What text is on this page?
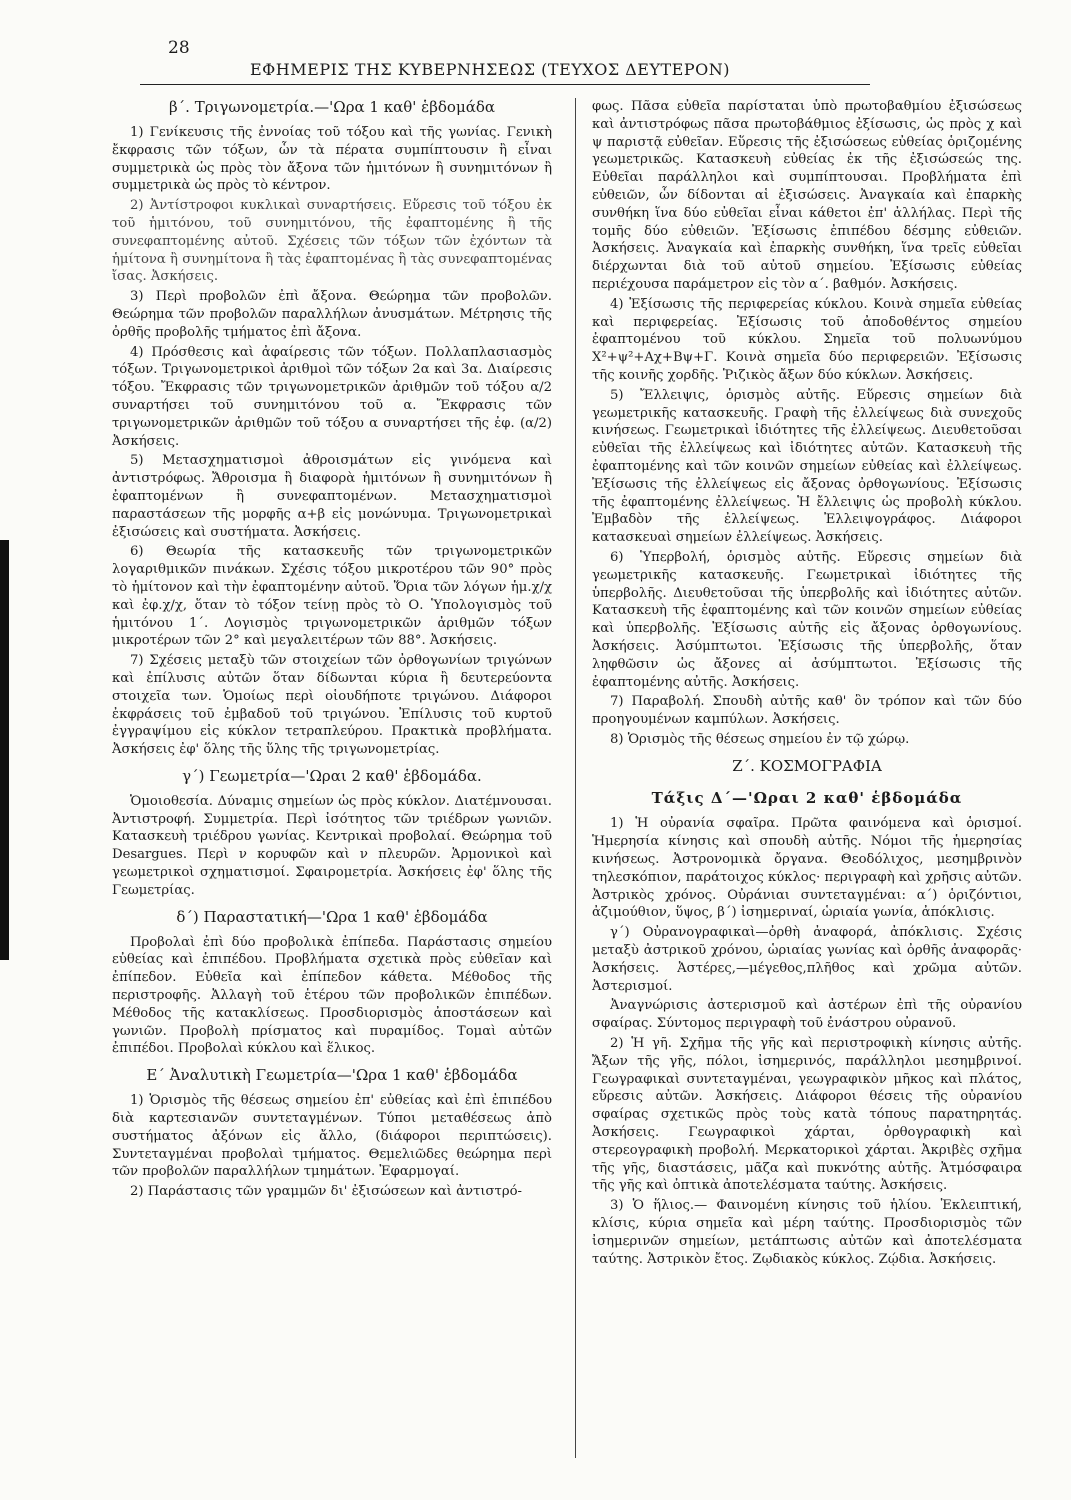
28
ΕΦΗΜΕΡΙΣ ΤΗΣ ΚΥΒΕΡΝΗΣΕΩΣ (ΤΕΥΧΟΣ ΔΕΥΤΕΡΟΝ)
β΄. Τριγωνομετρία.—'Ωρα 1 καθ' ἑβδομάδα

1) Γενίκευσις τῆς ἐννοίας τοῦ τόξου καὶ τῆς γωνίας. Γενικὴ ἔκφρασις τῶν τόξων, ὧν τὰ πέρατα συμπίπτουσιν ἢ εἶναι συμμετρικὰ ὡς πρὸς τὸν ἄξονα τῶν ἡμιτόνων ἢ συνημιτόνων ἢ συμμετρικὰ ὡς πρὸς τὸ κέντρον.

2) Ἀντίστροφοι κυκλικαὶ συναρτήσεις. Εὕρεσις τοῦ τόξου ἐκ τοῦ ἡμιτόνου, τοῦ συνημιτόνου, τῆς ἐφαπτομένης ἢ τῆς συνεφαπτομένης αὐτοῦ. Σχέσεις τῶν τόξων τῶν ἐχόντων τὰ ἡμίτονα ἢ συνημίτονα ἢ τὰς ἐφαπτομένας ἢ τὰς συνεφαπτομένας ἴσας. Ἀσκήσεις.

3) Περὶ προβολῶν ἐπὶ ἄξονα. Θεώρημα τῶν προβολῶν. Θεώρημα τῶν προβολῶν παραλλήλων ἀνυσμάτων. Μέτρησις τῆς ὀρθῆς προβολῆς τμήματος ἐπὶ ἄξονα.

4) Πρόσθεσις καὶ ἀφαίρεσις τῶν τόξων. Πολλαπλασιασμὸς τόξων. Τριγωνομετρικοὶ ἀριθμοὶ τῶν τόξων 2α καὶ 3α. Διαίρεσις τόξου. Ἔκφρασις τῶν τριγωνομετρικῶν ἀριθμῶν τοῦ τόξου α/2 συναρτήσει τοῦ συνημιτόνου τοῦ α. Ἔκφρασις τῶν τριγωνομετρικῶν ἀριθμῶν τοῦ τόξου α συναρτήσει τῆς ἐφ. (α/2) Ἀσκήσεις.

5) Μετασχηματισμοὶ ἀθροισμάτων εἰς γινόμενα καὶ ἀντιστρόφως. Ἄθροισμα ἢ διαφορὰ ἡμιτόνων ἢ συνημιτόνων ἢ ἐφαπτομένων ἢ συνεφαπτομένων. Μετασχηματισμοὶ παραστάσεων τῆς μορφῆς α+β εἰς μονώνυμα. Τριγωνομετρικαὶ ἐξισώσεις καὶ συστήματα. Ἀσκήσεις.

6) Θεωρία τῆς κατασκευῆς τῶν τριγωνομετρικῶν λογαριθμικῶν πινάκων. Σχέσις τόξου μικροτέρου τῶν 90° πρὸς τὸ ἡμίτονον καὶ τὴν ἐφαπτομένην αὐτοῦ. Ὅρια τῶν λόγων ἡμ.χ/χ καὶ ἐφ.χ/χ, ὅταν τὸ τόξον τείνῃ πρὸς τὸ Ο. Ὑπολογισμὸς τοῦ ἡμιτόνου 1΄. Λογισμὸς τριγωνομετρικῶν ἀριθμῶν τόξων μικροτέρων τῶν 2° καὶ μεγαλειτέρων τῶν 88°. Ἀσκήσεις.

7) Σχέσεις μεταξὺ τῶν στοιχείων τῶν ὀρθογωνίων τριγώνων καὶ ἐπίλυσις αὐτῶν ὅταν δίδωνται κύρια ἢ δευτερεύοντα στοιχεῖα των. Ὁμοίως περὶ οἱουδήποτε τριγώνου. Διάφοροι ἐκφράσεις τοῦ ἐμβαδοῦ τοῦ τριγώνου. Ἐπίλυσις τοῦ κυρτοῦ ἐγγραψίμου εἰς κύκλον τετραπλεύρου. Πρακτικὰ προβλήματα. Ἀσκήσεις ἐφ' ὅλης τῆς ὕλης τῆς τριγωνομετρίας.

γ΄) Γεωμετρία—'Ωραι 2 καθ' ἑβδομάδα.

Ὁμοιοθεσία. Δύναμις σημείων ὡς πρὸς κύκλον. Διατέμνουσαι. Ἀντιστροφή. Συμμετρία. Περὶ ἰσότητος τῶν τριέδρων γωνιῶν. Κατασκευὴ τριέδρου γωνίας. Κεντρικαὶ προβολαί. Θεώρημα τοῦ Desargues. Περὶ ν κορυφῶν καὶ ν πλευρῶν. Ἁρμονικοὶ καὶ γεωμετρικοὶ σχηματισμοί. Σφαιρομετρία. Ἀσκήσεις ἐφ' ὅλης τῆς Γεωμετρίας.

δ΄) Παραστατική—'Ωρα 1 καθ' ἑβδομάδα

Προβολαὶ ἐπὶ δύο προβολικὰ ἐπίπεδα. Παράστασις σημείου εὐθείας καὶ ἐπιπέδου. Προβλήματα σχετικὰ πρὸς εὐθεῖαν καὶ ἐπίπεδον. Εὐθεῖα καὶ ἐπίπεδον κάθετα. Μέθοδος τῆς περιστροφῆς. Ἀλλαγὴ τοῦ ἑτέρου τῶν προβολικῶν ἐπιπέδων. Μέθοδος τῆς κατακλίσεως. Προσδιορισμὸς ἀποστάσεων καὶ γωνιῶν. Προβολὴ πρίσματος καὶ πυραμίδος. Τομαὶ αὐτῶν ἐπιπέδοι. Προβολαὶ κύκλου καὶ ἕλικος.

Ε΄ Ἀναλυτικὴ Γεωμετρία—'Ωρα 1 καθ' ἑβδομάδα

1) Ὁρισμὸς τῆς θέσεως σημείου ἐπ' εὐθείας καὶ ἐπὶ ἐπιπέδου διὰ καρτεσιανῶν συντεταγμένων. Τύποι μεταθέσεως ἀπὸ συστήματος ἀξόνων εἰς ἄλλο, (διάφοροι περιπτώσεις). Συντεταγμέναι προβολαὶ τμήματος. Θεμελιῶδες θεώρημα περὶ τῶν προβολῶν παραλλήλων τμημάτων. Ἐφαρμογαί.

2) Παράστασις τῶν γραμμῶν δι' ἐξισώσεων καὶ ἀντιστρό-

φως. Πᾶσα εὐθεῖα παρίσταται ὑπὸ πρωτοβαθμίου ἐξισώσεως καὶ ἀντιστρόφως πᾶσα πρωτοβάθμιος ἐξίσωσις, ὡς πρὸς χ καὶ ψ παριστᾷ εὐθεῖαν. Εὕρεσις τῆς ἐξισώσεως εὐθείας ὁριζομένης γεωμετρικῶς. Κατασκευὴ εὐθείας ἐκ τῆς ἐξισώσεώς της. Εὐθεῖαι παράλληλοι καὶ συμπίπτουσαι. Προβλήματα ἐπὶ εὐθειῶν, ὧν δίδονται αἱ ἐξισώσεις. Ἀναγκαία καὶ ἐπαρκὴς συνθήκη ἵνα δύο εὐθεῖαι εἶναι κάθετοι ἐπ' ἀλλήλας. Περὶ τῆς τομῆς δύο εὐθειῶν. Ἐξίσωσις ἐπιπέδου δέσμης εὐθειῶν. Ἀσκήσεις. Ἀναγκαία καὶ ἐπαρκὴς συνθήκη, ἵνα τρεῖς εὐθεῖαι διέρχωνται διὰ τοῦ αὐτοῦ σημείου. Ἐξίσωσις εὐθείας περιέχουσα παράμετρον εἰς τὸν α΄. βαθμόν. Ἀσκήσεις.

4) Ἐξίσωσις τῆς περιφερείας κύκλου. Κοινὰ σημεῖα εὐθείας καὶ περιφερείας. Ἐξίσωσις τοῦ ἀποδοθέντος σημείου ἐφαπτομένου τοῦ κύκλου. Σημεῖα τοῦ πολυωνύμου Χ²+ψ²+Αχ+Βψ+Γ. Κοινὰ σημεῖα δύο περιφερειῶν. Ἐξίσωσις τῆς κοινῆς χορδῆς. Ῥιζικὸς ἄξων δύο κύκλων. Ἀσκήσεις.

5) Ἔλλειψις, ὁρισμὸς αὐτῆς. Εὕρεσις σημείων διὰ γεωμετρικῆς κατασκευῆς. Γραφὴ τῆς ἐλλείψεως διὰ συνεχοῦς κινήσεως. Γεωμετρικαὶ ἰδιότητες τῆς ἐλλείψεως. Διευθετοῦσαι εὐθεῖαι τῆς ἐλλείψεως καὶ ἰδιότητες αὐτῶν. Κατασκευὴ τῆς ἐφαπτομένης καὶ τῶν κοινῶν σημείων εὐθείας καὶ ἐλλείψεως. Ἐξίσωσις τῆς ἐλλείψεως εἰς ἄξονας ὀρθογωνίους. Ἐξίσωσις τῆς ἐφαπτομένης ἐλλείψεως. Ἡ ἔλλειψις ὡς προβολὴ κύκλου. Ἐμβαδὸν τῆς ἐλλείψεως. Ἐλλειψογράφος. Διάφοροι κατασκευαὶ σημείων ἐλλείψεως. Ἀσκήσεις.

6) Ὑπερβολή, ὁρισμὸς αὐτῆς. Εὕρεσις σημείων διὰ γεωμετρικῆς κατασκευῆς. Γεωμετρικαὶ ἰδιότητες τῆς ὑπερβολῆς. Διευθετοῦσαι τῆς ὑπερβολῆς καὶ ἰδιότητες αὐτῶν. Κατασκευὴ τῆς ἐφαπτομένης καὶ τῶν κοινῶν σημείων εὐθείας καὶ ὑπερβολῆς. Ἐξίσωσις αὐτῆς εἰς ἄξονας ὀρθογωνίους. Ἀσκήσεις. Ἀσύμπτωτοι. Ἐξίσωσις τῆς ὑπερβολῆς, ὅταν ληφθῶσιν ὡς ἄξονες αἱ ἀσύμπτωτοι. Ἐξίσωσις τῆς ἐφαπτομένης αὐτῆς. Ἀσκήσεις.

7) Παραβολή. Σπουδὴ αὐτῆς καθ' ὃν τρόπον καὶ τῶν δύο προηγουμένων καμπύλων. Ἀσκήσεις.

8) Ὁρισμὸς τῆς θέσεως σημείου ἐν τῷ χώρῳ.

Ζ΄. ΚΟΣΜΟΓΡΑΦΙΑ
Τάξις Δ΄—'Ωραι 2 καθ' ἑβδομάδα

1) Ἡ οὐρανία σφαῖρα. Πρῶτα φαινόμενα καὶ ὁρισμοί. Ἡμερησία κίνησις καὶ σπουδὴ αὐτῆς. Νόμοι τῆς ἡμερησίας κινήσεως. Ἀστρονομικὰ ὄργανα. Θεοδόλιχος, μεσημβρινὸν τηλεσκόπιον, παράτοιχος κύκλος· περιγραφὴ καὶ χρῆσις αὐτῶν. Ἀστρικὸς χρόνος. Οὐράνιαι συντεταγμέναι: α΄) ὁριζόντιοι, ἀζιμούθιον, ὕψος, β΄) ἰσημεριναί, ὡριαία γωνία, ἀπόκλισις.

γ΄) Οὐρανογραφικαὶ—ὀρθὴ ἀναφορά, ἀπόκλισις. Σχέσις μεταξὺ ἀστρικοῦ χρόνου, ὡριαίας γωνίας καὶ ὀρθῆς ἀναφορᾶς· Ἀσκήσεις. Ἀστέρες,—μέγεθος,πλῆθος καὶ χρῶμα αὐτῶν. Ἀστερισμοί.

Ἀναγνώρισις ἀστερισμοῦ καὶ ἀστέρων ἐπὶ τῆς οὐρανίου σφαίρας. Σύντομος περιγραφὴ τοῦ ἐνάστρου οὐρανοῦ.

2) Ἡ γῆ. Σχῆμα τῆς γῆς καὶ περιστροφικὴ κίνησις αὐτῆς. Ἄξων τῆς γῆς, πόλοι, ἰσημερινός, παράλληλοι μεσημβρινοί. Γεωγραφικαὶ συντεταγμέναι, γεωγραφικὸν μῆκος καὶ πλάτος, εὕρεσις αὐτῶν. Ἀσκήσεις. Διάφοροι θέσεις τῆς οὐρανίου σφαίρας σχετικῶς πρὸς τοὺς κατὰ τόπους παρατηρητάς. Ἀσκήσεις. Γεωγραφικοὶ χάρται, ὀρθογραφικὴ καὶ στερεογραφικὴ προβολή. Μερκατορικοὶ χάρται. Ἀκριβὲς σχῆμα τῆς γῆς, διαστάσεις, μᾶζα καὶ πυκνότης αὐτῆς. Ἀτμόσφαιρα τῆς γῆς καὶ ὀπτικὰ ἀποτελέσματα ταύτης. Ἀσκήσεις.

3) Ὁ ἥλιος.— Φαινομένη κίνησις τοῦ ἡλίου. Ἐκλειπτική, κλίσις, κύρια σημεῖα καὶ μέρη ταύτης. Προσδιορισμὸς τῶν ἰσημερινῶν σημείων, μετάπτωσις αὐτῶν καὶ ἀποτελέσματα ταύτης. Ἀστρικὸν ἔτος. Ζῳδιακὸς κύκλος. Ζῴδια. Ἀσκήσεις.
